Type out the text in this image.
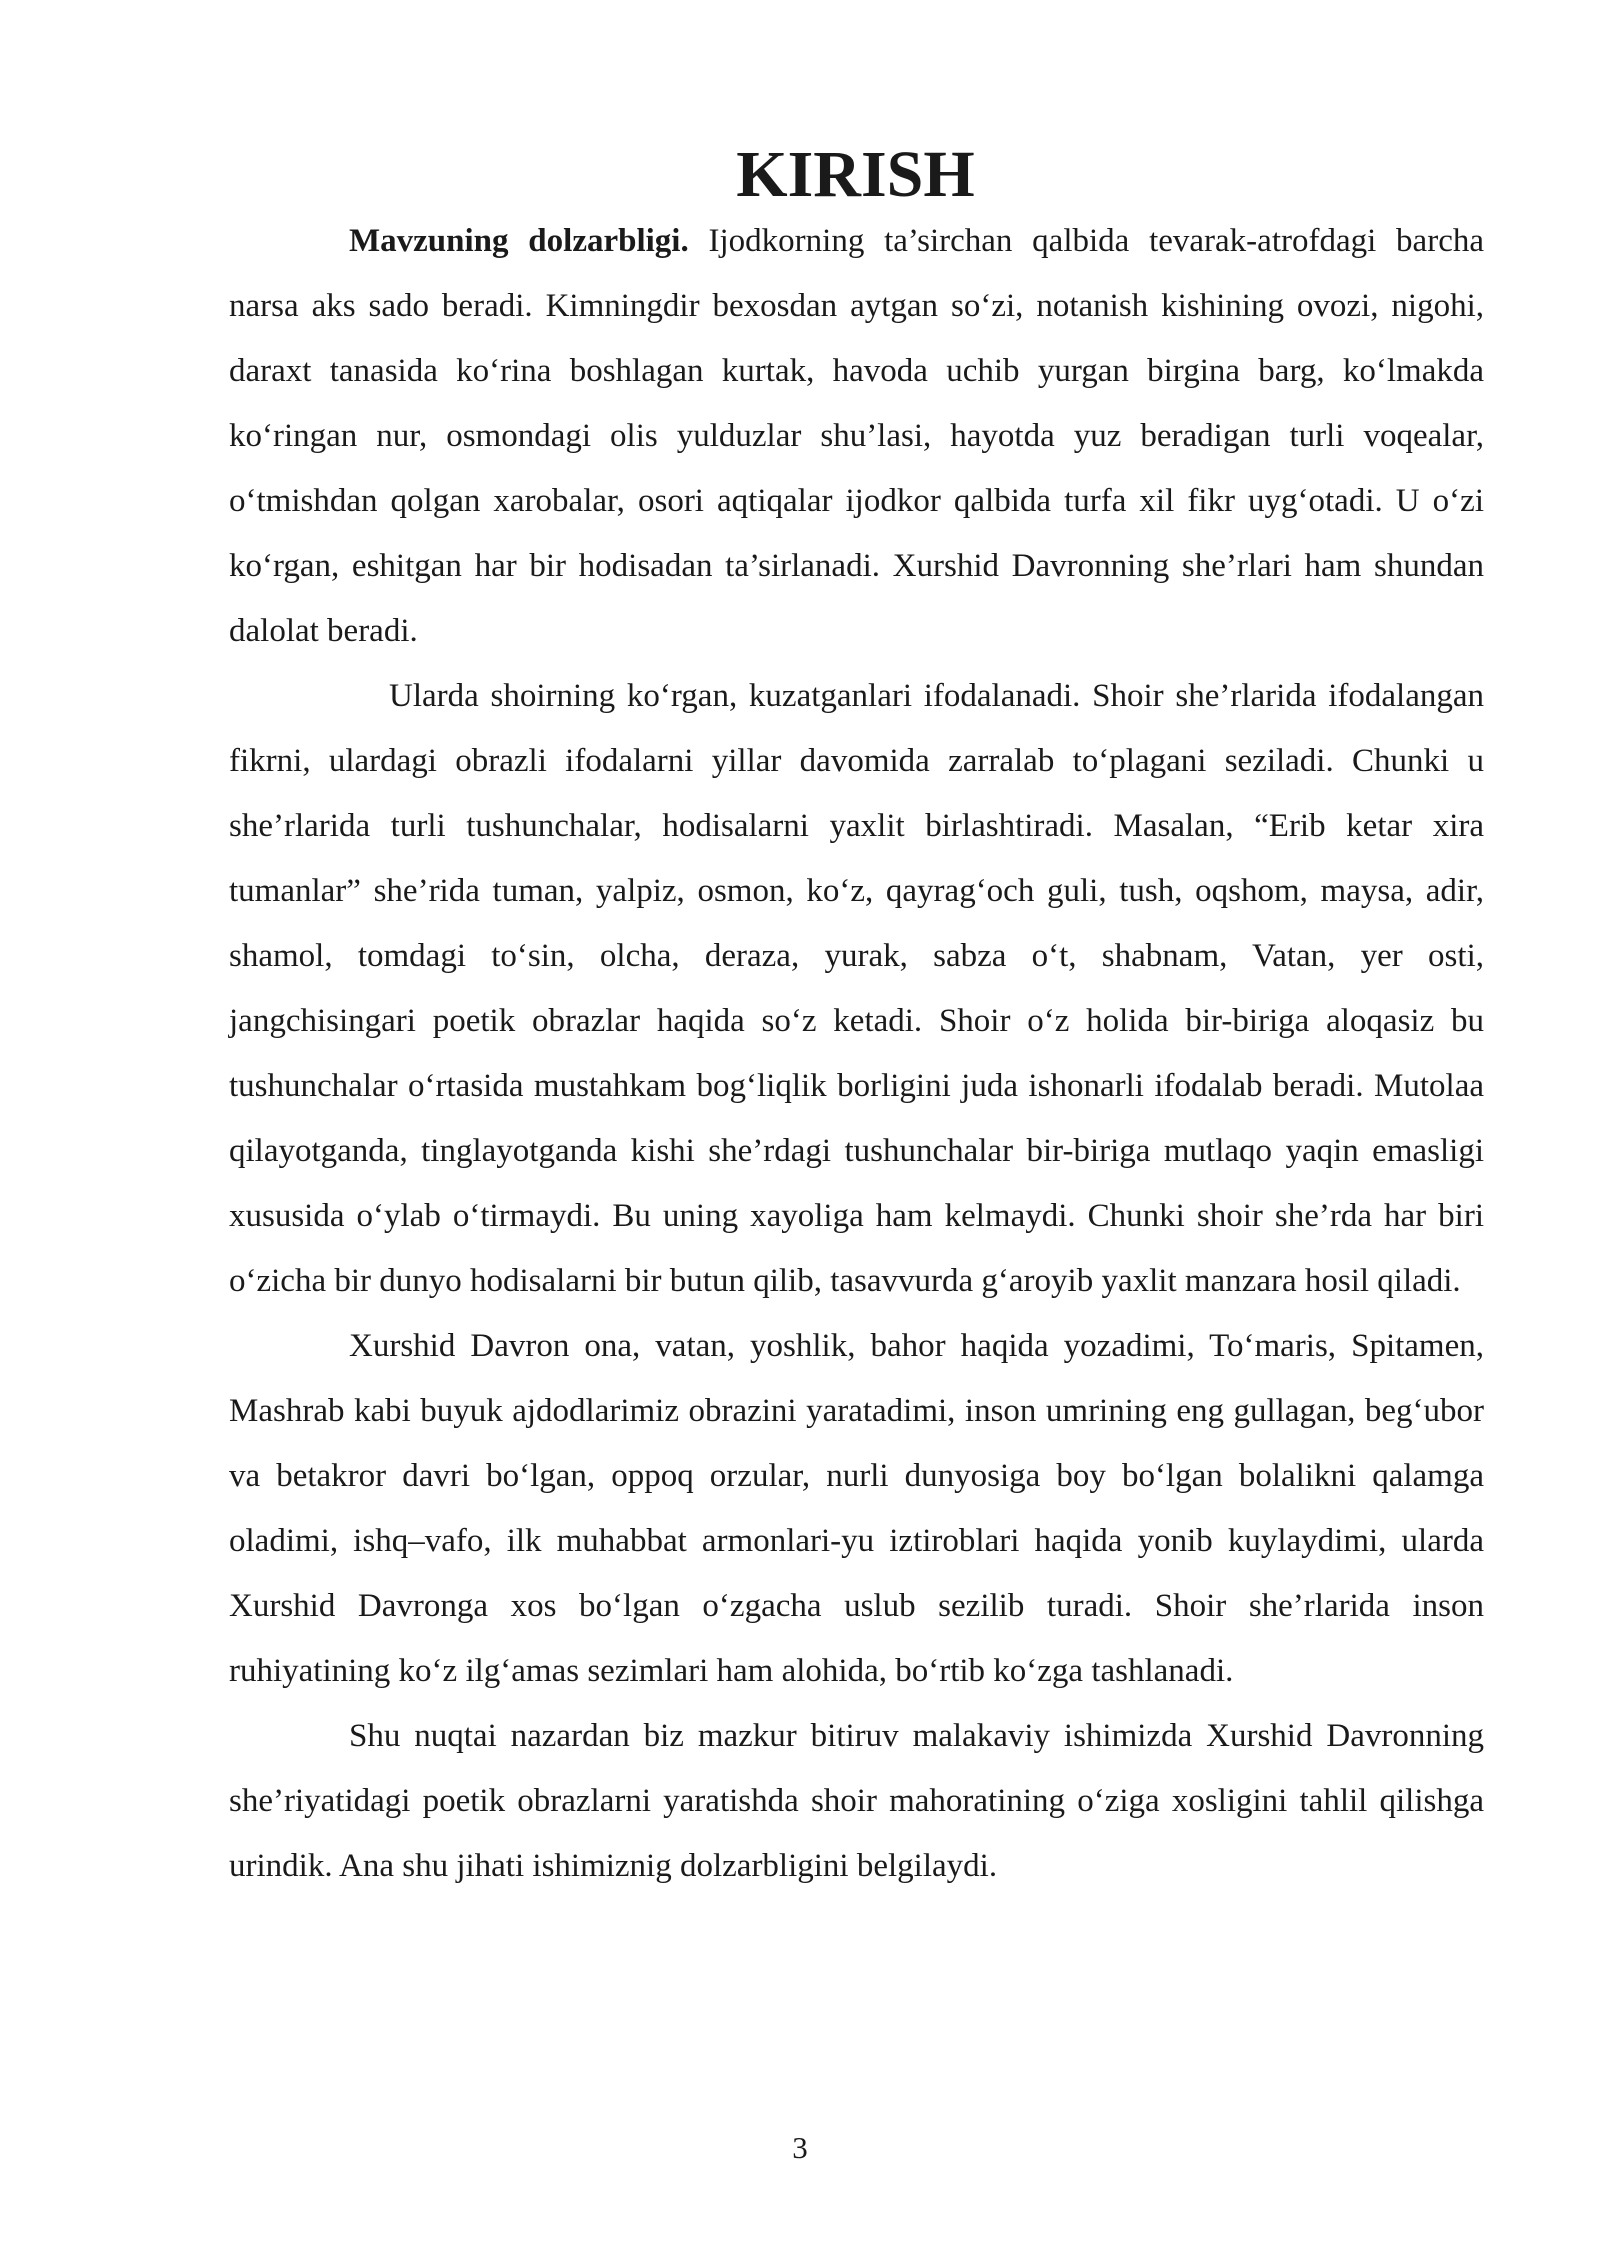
KIRISH

Mavzuning dolzarbligi. Ijodkorning ta’sirchan qalbida tevarak-atrofdagi barcha narsa aks sado beradi. Kimningdir bexosdan aytgan so‘zi, notanish kishining ovozi, nigohi, daraxt tanasida ko‘rina boshlagan kurtak, havoda uchib yurgan birgina barg, ko‘lmakda ko‘ringan nur, osmondagi olis yulduzlar shu’lasi, hayotda yuz beradigan turli voqealar, o‘tmishdan qolgan xarobalar, osori aqtiqalar ijodkor qalbida turfa xil fikr uyg‘otadi. U o‘zi ko‘rgan, eshitgan har bir hodisadan ta’sirlanadi. Xurshid Davronning she’rlari ham shundan dalolat beradi.

Ularda shoirning ko‘rgan, kuzatganlari ifodalanadi. Shoir she’rlarida ifodalangan fikrni, ulardagi obrazli ifodalarni yillar davomida zarralab to‘plagani seziladi. Chunki u she’rlarida turli tushunchalar, hodisalarni yaxlit birlashtiradi. Masalan, “Erib ketar xira tumanlar” she’rida tuman, yalpiz, osmon, ko‘z, qayrag‘och guli, tush, oqshom, maysa, adir, shamol, tomdagi to‘sin, olcha, deraza, yurak, sabza o‘t, shabnam, Vatan, yer osti, jangchisingari poetik obrazlar haqida so‘z ketadi. Shoir o‘z holida bir-biriga aloqasiz bu tushunchalar o‘rtasida mustahkam bog‘liqlik borligini juda ishonarli ifodalab beradi. Mutolaa qilayotganda, tinglayotganda kishi she’rdagi tushunchalar bir-biriga mutlaqo yaqin emasligi xususida o‘ylab o‘tirmaydi. Bu uning xayoliga ham kelmaydi. Chunki shoir she’rda har biri o‘zicha bir dunyo hodisalarni bir butun qilib, tasavvurda g‘aroyib yaxlit manzara hosil qiladi.

Xurshid Davron ona, vatan, yoshlik, bahor haqida yozadimi, To‘maris, Spitamen, Mashrab kabi buyuk ajdodlarimiz obrazini yaratadimi, inson umrining eng gullagan, beg‘ubor va betakror davri bo‘lgan, oppoq orzular, nurli dunyosiga boy bo‘lgan bolalikni qalamga oladimi, ishq–vafo, ilk muhabbat armonlari-yu iztiroblari haqida yonib kuylaydimi, ularda Xurshid Davronga xos bo‘lgan o‘zgacha uslub sezilib turadi. Shoir she’rlarida inson ruhiyatining ko‘z ilg‘amas sezimlari ham alohida, bo‘rtib ko‘zga tashlanadi.

Shu nuqtai nazardan biz mazkur bitiruv malakaviy ishimizda Xurshid Davronning she’riyatidagi poetik obrazlarni yaratishda shoir mahoratining o‘ziga xosligini tahlil qilishga urindik. Ana shu jihati ishimiznig dolzarbligini belgilaydi.

3
